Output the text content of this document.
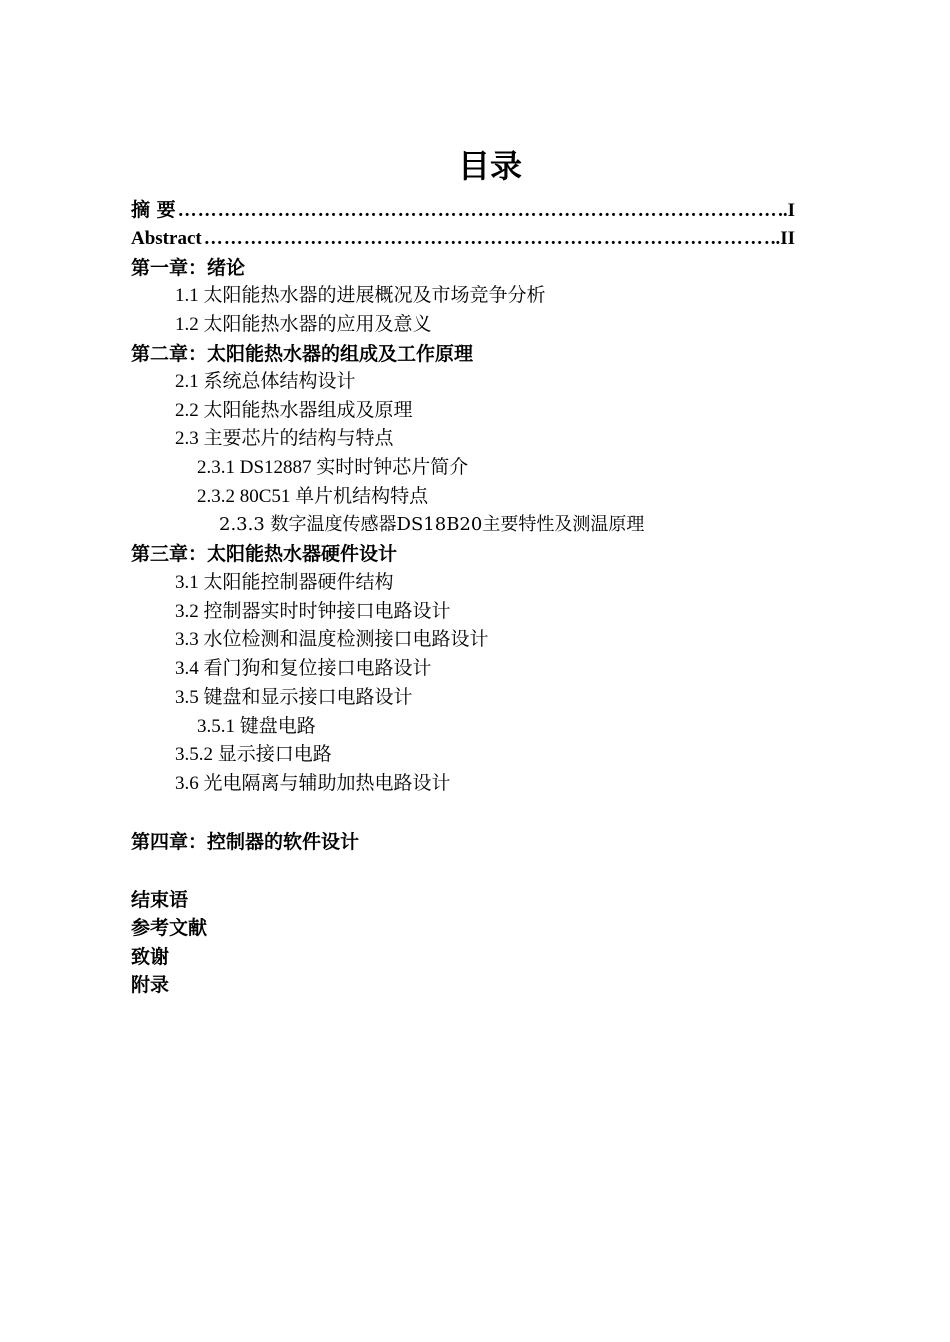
目录
摘 要 …………………………………………………………………………………………………………………………………………	..I
Abstract …………………………………………………………………………………………………………………………………………	..II
第一章：绪论
1.1 太阳能热水器的进展概况及市场竞争分析
1.2 太阳能热水器的应用及意义
第二章：太阳能热水器的组成及工作原理
2.1 系统总体结构设计
2.2 太阳能热水器组成及原理
2.3 主要芯片的结构与特点
2.3.1 DS12887 实时时钟芯片简介
2.3.2 80C51 单片机结构特点
2.3.3 数字温度传感器DS18B20主要特性及测温原理
第三章：太阳能热水器硬件设计
3.1 太阳能控制器硬件结构
3.2 控制器实时时钟接口电路设计
3.3 水位检测和温度检测接口电路设计
3.4 看门狗和复位接口电路设计
3.5 键盘和显示接口电路设计
3.5.1 键盘电路
3.5.2 显示接口电路
3.6 光电隔离与辅助加热电路设计
第四章：控制器的软件设计
结束语
参考文献
致谢
附录
